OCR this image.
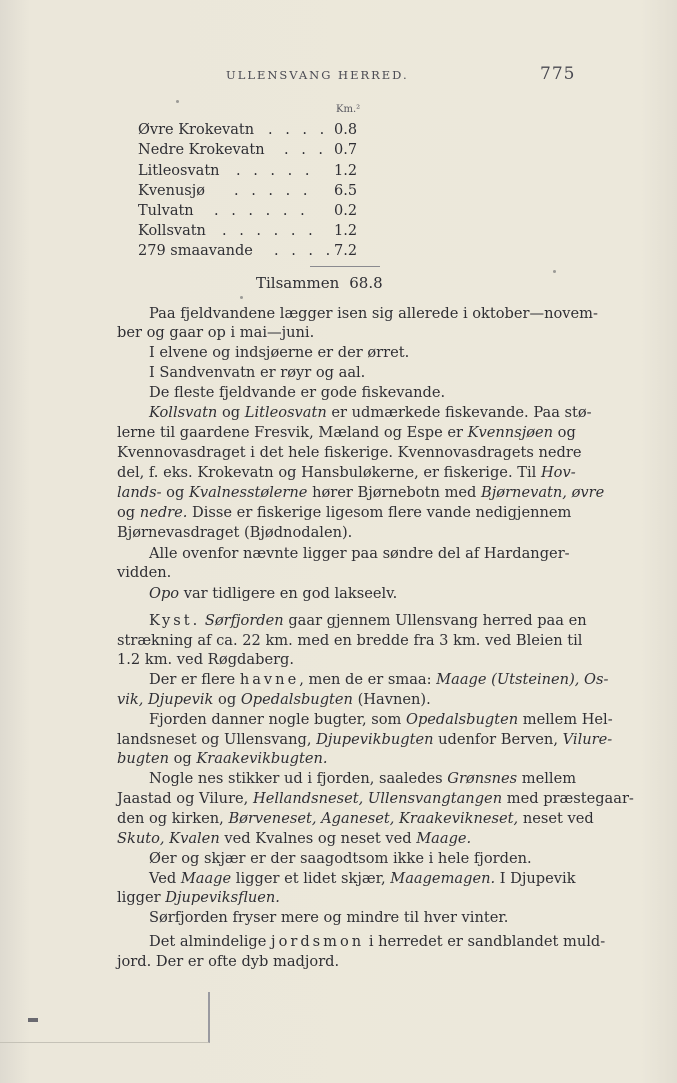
ULLENSVANG HERRED.	775
Km.²
Øvre Krokevatn . . . . 0.8
Nedre Krokevatn . . . 0.7
Litleosvatn . . . . . 1.2
Kvenusjø . . . . . 6.5
Tulvatn . . . . . . 0.2
Kollsvatn . . . . . . 1.2
279 smaavande . . . . 7.2
Tilsammen 68.8
Paa fjeldvandene lægger isen sig allerede i oktober—novem-
ber og gaar op i mai—juni.
I elvene og indsjøerne er der ørret.
I Sandvenvatn er røyr og aal.
De fleste fjeldvande er gode fiskevande.
Kollsvatn og Litleosvatn er udmærkede fiskevande. Paa stø-
lerne til gaardene Fresvik, Mæland og Espe er Kvennsjøen og
Kvennovasdraget i det hele fiskerige. Kvennovasdragets nedre
del, f. eks. Krokevatn og Hansbuløkerne, er fiskerige. Til Hov-
lands- og Kvalnesstølerne hører Bjørnebotn med Bjørnevatn, øvre
og nedre. Disse er fiskerige ligesom flere vande nedigjennem
Bjørnevasdraget (Bjødnodalen).
Alle ovenfor nævnte ligger paa søndre del af Hardanger-
vidden.
Opo var tidligere en god lakseelv.
Kyst. Sørfjorden gaar gjennem Ullensvang herred paa en
strækning af ca. 22 km. med en bredde fra 3 km. ved Bleien til
1.2 km. ved Røgdaberg.
Der er flere havne, men de er smaa: Maage (Utsteinen), Os-
vik, Djupevik og Opedalsbugten (Havnen).
Fjorden danner nogle bugter, som Opedalsbugten mellem Hel-
landsneset og Ullensvang, Djupevikbugten udenfor Berven, Vilure-
bugten og Kraakevikbugten.
Nogle nes stikker ud i fjorden, saaledes Grønsnes mellem
Jaastad og Vilure, Hellandsneset, Ullensvangtangen med præstegaar-
den og kirken, Børveneset, Aganeset, Kraakevikneset, neset ved
Skuto, Kvalen ved Kvalnes og neset ved Maage.
Øer og skjær er der saagodtsom ikke i hele fjorden.
Ved Maage ligger et lidet skjær, Maagemagen. I Djupevik
ligger Djupeviksfluen.
Sørfjorden fryser mere og mindre til hver vinter.
Det almindelige jordsmon i herredet er sandblandet muld-
jord. Der er ofte dyb madjord.
